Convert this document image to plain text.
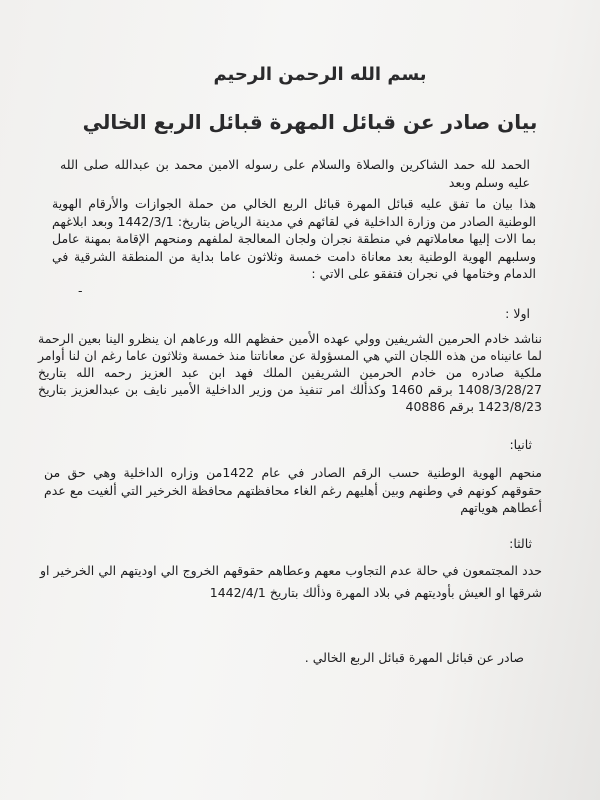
بسم الله الرحمن الرحيم
بيان صادر عن قبائل المهرة قبائل الربع الخالي

الحمد لله حمد الشاكرين والصلاة والسلام على رسوله الامين محمد بن عبدالله صلى الله عليه وسلم وبعد

هذا بيان ما تفق عليه قبائل المهرة قبائل الربع الخالي من حملة الجوازات والأرقام الهوية الوطنية الصادر من وزارة الداخلية في لقائهم في مدينة الرياض بتاريخ: 1442/3/1 وبعد ابلاغهم بما الات إليها معاملاتهم في منطقة نجران ولجان المعالجة لملفهم ومنحهم الإقامة بمهنة عامل وسلبهم الهوية الوطنية بعد معاناة دامت خمسة وثلاثون عاما بداية من المنطقة الشرقية في الدمام وختامها في نجران فتفقو على الاتي :

-
اولا :

نناشد خادم الحرمين الشريفين وولي عهده الأمين حفظهم الله ورعاهم ان ينظرو الينا بعين الرحمة لما عانيناه من هذه اللجان التي هي المسؤولة عن معاناتنا منذ خمسة وثلاثون عاما رغم ان لنا أوامر ملكية صادره من خادم الحرمين الشريفين الملك فهد ابن عبد العزيز رحمه الله بتاريخ 1408/3/28/27 برقم 1460 وكذألك امر تنفيذ من وزير الداخلية الأمير نايف بن عبدالعزيز بتاريخ 1423/8/23 برقم 40886

ثانيا:

منحهم الهوية الوطنية حسب الرقم الصادر في عام 1422من وزاره الداخلية وهي حق من حقوقهم كونهم في وطنهم وبين أهليهم رغم الغاء محافظتهم محافظة الخرخير التي ألغيت مع عدم أعطاهم هوياتهم

ثالثا:

حدد المجتمعون في حالة عدم التجاوب معهم وعطاهم حقوقهم الخروج الي اوديتهم الي الخرخير او شرقها او العيش بأوديتهم في بلاد المهرة وذألك بتاريخ 1442/4/1

صادر عن قبائل المهرة قبائل الربع الخالي .
